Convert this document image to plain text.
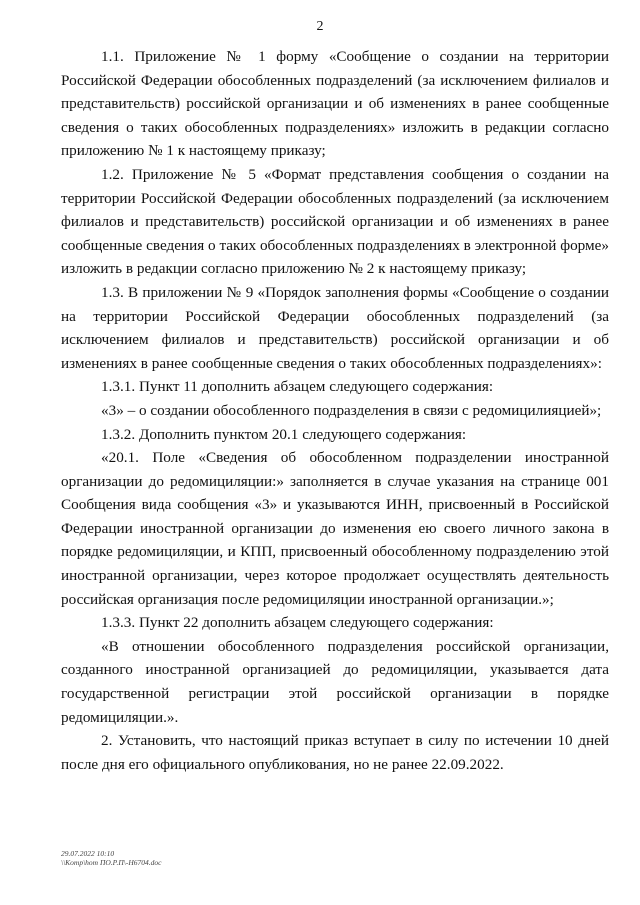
2

1.1. Приложение № 1 форму «Сообщение о создании на территории Российской Федерации обособленных подразделений (за исключением филиалов и представительств) российской организации и об изменениях в ранее сообщенные сведения о таких обособленных подразделениях» изложить в редакции согласно приложению № 1 к настоящему приказу;

1.2. Приложение № 5 «Формат представления сообщения о создании на территории Российской Федерации обособленных подразделений (за исключением филиалов и представительств) российской организации и об изменениях в ранее сообщенные сведения о таких обособленных подразделениях в электронной форме» изложить в редакции согласно приложению № 2 к настоящему приказу;

1.3. В приложении № 9 «Порядок заполнения формы «Сообщение о создании на территории Российской Федерации обособленных подразделений (за исключением филиалов и представительств) российской организации и об изменениях в ранее сообщенные сведения о таких обособленных подразделениях»:

1.3.1. Пункт 11 дополнить абзацем следующего содержания:

«3» – о создании обособленного подразделения в связи с редомицилияцией»;

1.3.2. Дополнить пунктом 20.1 следующего содержания:

«20.1. Поле «Сведения об обособленном подразделении иностранной организации до редомициляции:» заполняется в случае указания на странице 001 Сообщения вида сообщения «3» и указываются ИНН, присвоенный в Российской Федерации иностранной организации до изменения ею своего личного закона в порядке редомициляции, и КПП, присвоенный обособленному подразделению этой иностранной организации, через которое продолжает осуществлять деятельность российская организация после редомициляции иностранной организации.»;

1.3.3. Пункт 22 дополнить абзацем следующего содержания:

«В отношении обособленного подразделения российской организации, созданного иностранной организацией до редомициляции, указывается дата государственной регистрации этой российской организации в порядке редомициляции.».

2. Установить, что настоящий приказ вступает в силу по истечении 10 дней после дня его официального опубликования, но не ранее 22.09.2022.

29.07.2022 10:10
\\Komp\hom ПО.Р.П\-Н6704.doc
